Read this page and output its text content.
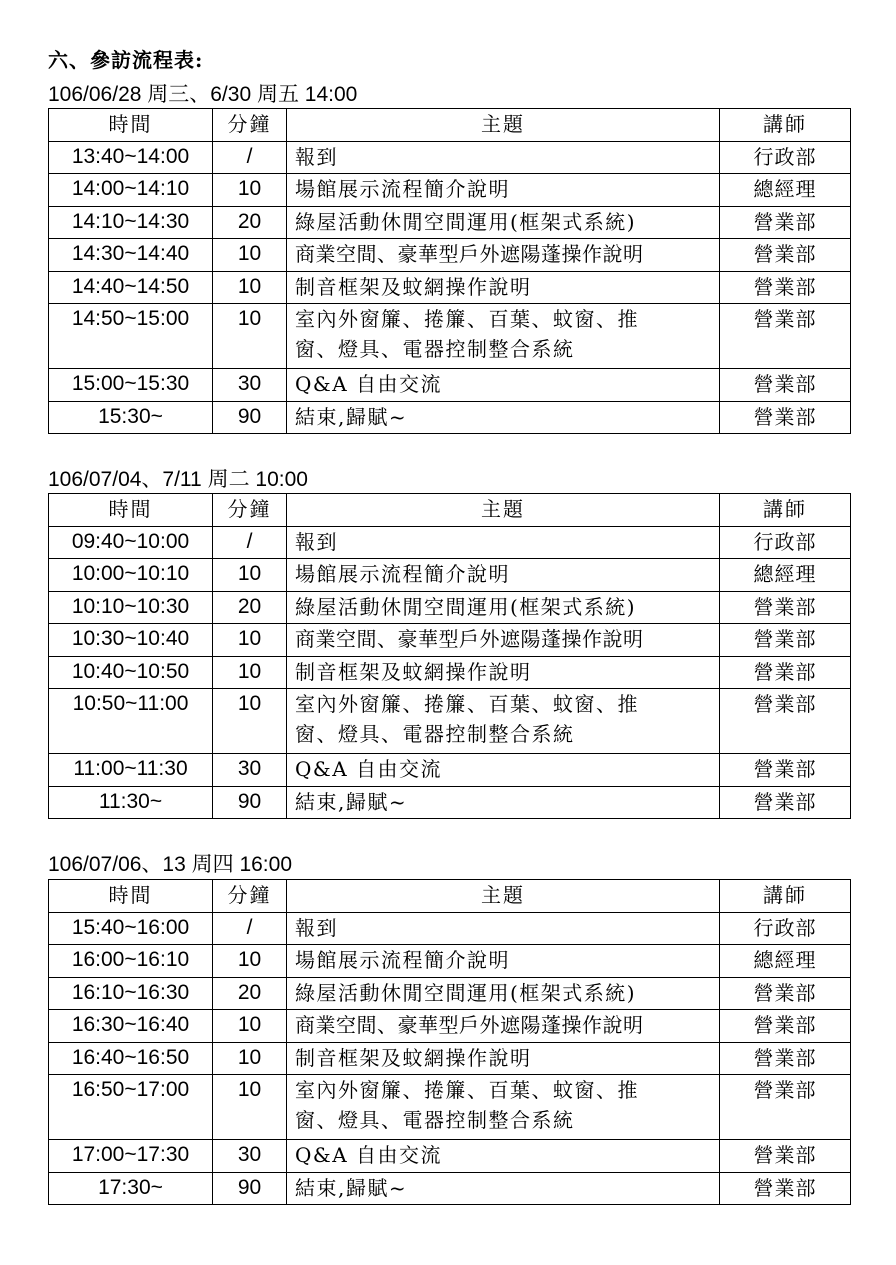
六、參訪流程表:
106/06/28 周三、6/30 周五 14:00
時間	分鐘	主題	講師
13:40~14:00	/	報到	行政部
14:00~14:10	10	場館展示流程簡介說明	總經理
14:10~14:30	20	綠屋活動休閒空間運用(框架式系統)	營業部
14:30~14:40	10	商業空間、豪華型戶外遮陽蓬操作說明	營業部
14:40~14:50	10	制音框架及蚊網操作說明	營業部
14:50~15:00	10	室內外窗簾、捲簾、百葉、蚊窗、推窗、燈具、電器控制整合系統	營業部
15:00~15:30	30	Q&A 自由交流	營業部
15:30~	90	結束,歸賦~	營業部
106/07/04、7/11 周二 10:00
時間	分鐘	主題	講師
09:40~10:00	/	報到	行政部
10:00~10:10	10	場館展示流程簡介說明	總經理
10:10~10:30	20	綠屋活動休閒空間運用(框架式系統)	營業部
10:30~10:40	10	商業空間、豪華型戶外遮陽蓬操作說明	營業部
10:40~10:50	10	制音框架及蚊網操作說明	營業部
10:50~11:00	10	室內外窗簾、捲簾、百葉、蚊窗、推窗、燈具、電器控制整合系統	營業部
11:00~11:30	30	Q&A 自由交流	營業部
11:30~	90	結束,歸賦~	營業部
106/07/06、13 周四 16:00
時間	分鐘	主題	講師
15:40~16:00	/	報到	行政部
16:00~16:10	10	場館展示流程簡介說明	總經理
16:10~16:30	20	綠屋活動休閒空間運用(框架式系統)	營業部
16:30~16:40	10	商業空間、豪華型戶外遮陽蓬操作說明	營業部
16:40~16:50	10	制音框架及蚊網操作說明	營業部
16:50~17:00	10	室內外窗簾、捲簾、百葉、蚊窗、推窗、燈具、電器控制整合系統	營業部
17:00~17:30	30	Q&A 自由交流	營業部
17:30~	90	結束,歸賦~	營業部
